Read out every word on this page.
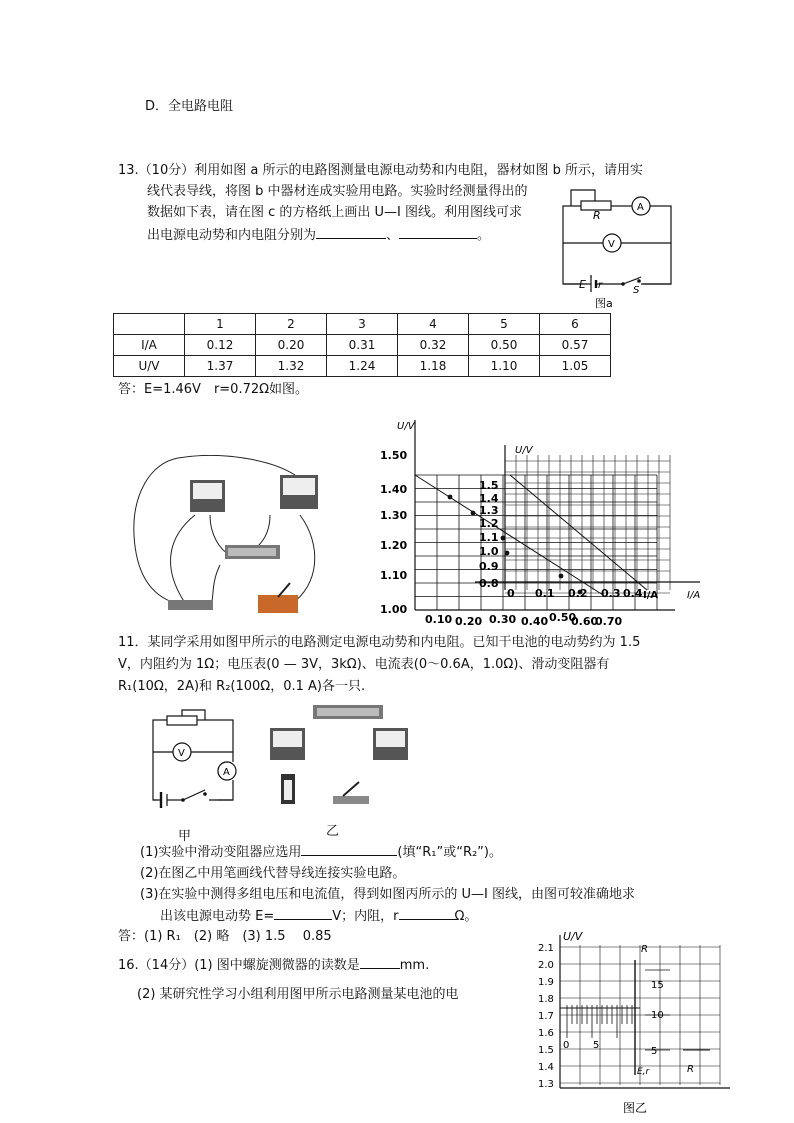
D．全电路电阻
13.（10分）利用如图 a 所示的电路图测量电源电动势和内电阻，器材如图 b 所示，请用实
线代表导线，将图 b 中器材连成实验用电路。实验时经测量得出的
数据如下表，请在图 c 的方格纸上画出 U—I 图线。利用图线可求
出电源电动势和内电阻分别为	、	。
R
A
V
E r	S
图a
	1	2	3	4	5	6
I/A	0.12	0.20	0.31	0.32	0.50	0.57
U/V	1.37	1.32	1.24	1.18	1.10	1.05
答：E=1.46V　r=0.72Ω如图。
U/V
U/V
I/A
I/A
1.50
1.40
1.30
1.20
1.10
1.00
0.10 0.20 0.30 0.40 0.50
0.60
0.70
1.5
1.4
1.3
1.2
1.1
1.0
0.9
0.8
0 0.1 0.2 0.3 0.4
11．某同学采用如图甲所示的电路测定电源电动势和内电阻。已知干电池的电动势约为 1.5
V，内阻约为 1Ω；电压表(0 — 3V，3kΩ)、电流表(0～0.6A，1.0Ω)、滑动变阻器有
R₁(10Ω，2A)和 R₂(100Ω，0.1 A)各一只.
V
A
甲	乙
(1)实验中滑动变阻器应选用	(填“R₁”或“R₂”)。
(2)在图乙中用笔画线代替导线连接实验电路。
(3)在实验中测得多组电压和电流值，得到如图丙所示的 U—I 图线，由图可较准确地求
出该电源电动势 E=	V；内阻，r	Ω。
答：(1) R₁　(2) 略　(3) 1.5　 0.85
16.（14分）(1) 图中螺旋测微器的读数是	mm.
(2) 某研究性学习小组利用图甲所示电路测量某电池的电
U/V
2.1
2.0
1.9
1.8
1.7
1.6
1.5
1.4
1.3
0 5
15
10
5
R
R
E,r
图乙
